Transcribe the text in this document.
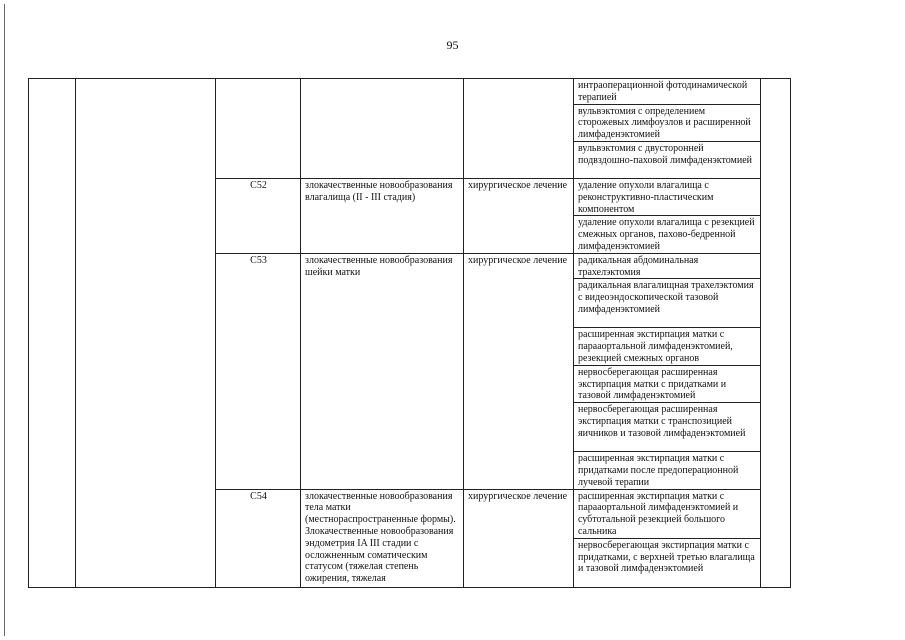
95
					интраоперационной фотодинамической терапией	
					вульвэктомия с определением сторожевых лимфоузлов и расширенной лимфаденэктомией	
					вульвэктомия с двусторонней подвздошно-паховой лимфаденэктомией	
		C52	злокачественные новообразования влагалища (II - III стадия)	хирургическое лечение	удаление опухоли влагалища с реконструктивно-пластическим компонентом	
					удаление опухоли влагалища с резекцией смежных органов, пахово-бедренной лимфаденэктомией	
		C53	злокачественные новообразования шейки матки	хирургическое лечение	радикальная абдоминальная трахелэктомия	
					радикальная влагалищная трахелэктомия с видеоэндоскопической тазовой лимфаденэктомией	
					расширенная экстирпация матки с парааортальной лимфаденэктомией, резекцией смежных органов	
					нервосберегающая расширенная экстирпация матки с придатками и тазовой лимфаденэктомией	
					нервосберегающая расширенная экстирпация матки с транспозицией яичников и тазовой лимфаденэктомией	
					расширенная экстирпация матки с придатками после предоперационной лучевой терапии	
		C54	злокачественные новообразования тела матки (местнораспространенные формы). Злокачественные новообразования эндометрия IA III стадии с осложненным соматическим статусом (тяжелая степень ожирения, тяжелая	хирургическое лечение	расширенная экстирпация матки с парааортальной лимфаденэктомией и субтотальной резекцией большого сальника	
					нервосберегающая экстирпация матки с придатками, с верхней третью влагалища и тазовой лимфаденэктомией	
